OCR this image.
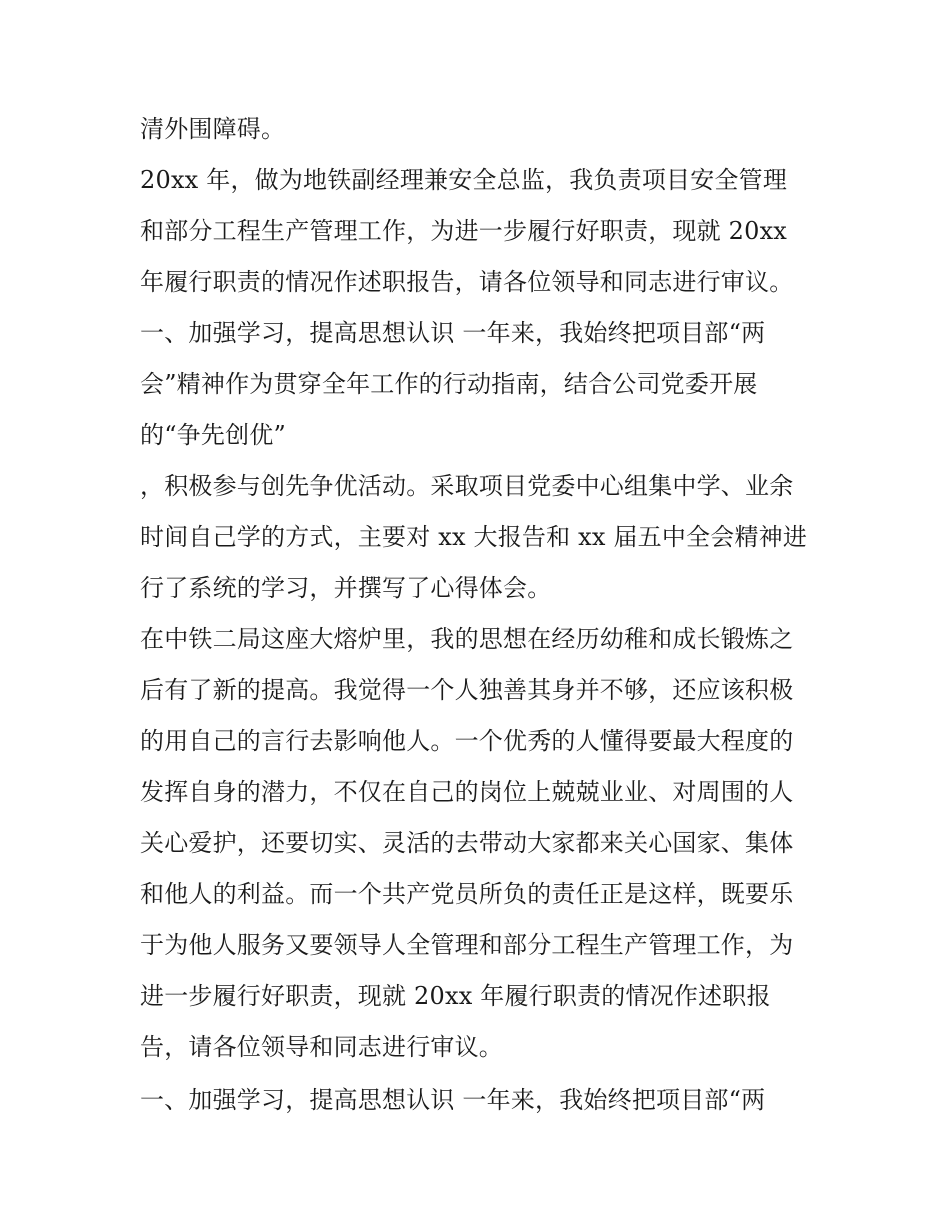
清外围障碍。
20xx 年，做为地铁副经理兼安全总监，我负责项目安全管理
和部分工程生产管理工作，为进一步履行好职责，现就 20xx
年履行职责的情况作述职报告，请各位领导和同志进行审议。
一、加强学习，提高思想认识 一年来，我始终把项目部“两
会”精神作为贯穿全年工作的行动指南，结合公司党委开展
的“争先创优”
，积极参与创先争优活动。采取项目党委中心组集中学、业余
时间自己学的方式，主要对 xx 大报告和 xx 届五中全会精神进
行了系统的学习，并撰写了心得体会。
在中铁二局这座大熔炉里，我的思想在经历幼稚和成长锻炼之
后有了新的提高。我觉得一个人独善其身并不够，还应该积极
的用自己的言行去影响他人。一个优秀的人懂得要最大程度的
发挥自身的潜力，不仅在自己的岗位上兢兢业业、对周围的人
关心爱护，还要切实、灵活的去带动大家都来关心国家、集体
和他人的利益。而一个共产党员所负的责任正是这样，既要乐
于为他人服务又要领导人全管理和部分工程生产管理工作，为
进一步履行好职责，现就 20xx 年履行职责的情况作述职报
告，请各位领导和同志进行审议。
一、加强学习，提高思想认识 一年来，我始终把项目部“两
